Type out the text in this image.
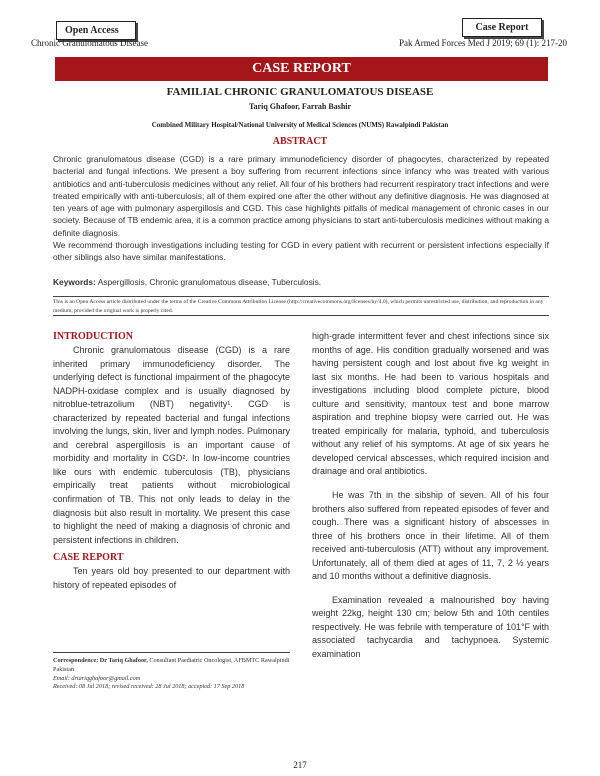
Open Access	Case Report
Chronic Granulomatous Disease	Pak Armed Forces Med J 2019; 69 (1): 217-20
CASE REPORT
FAMILIAL CHRONIC GRANULOMATOUS DISEASE
Tariq Ghafoor, Farrah Bashir
Combined Military Hospital/National University of Medical Sciences (NUMS) Rawalpindi Pakistan
ABSTRACT

Chronic granulomatous disease (CGD) is a rare primary immunodeficiency disorder of phagocytes, characterized by repeated bacterial and fungal infections. We present a boy suffering from recurrent infections since infancy who was treated with various antibiotics and anti-tuberculosis medicines without any relief. All four of his brothers had recurrent respiratory tract infections and were treated empirically with anti-tuberculosis; all of them expired one after the other without any definitive diagnosis. He was diagnosed at ten years of age with pulmonary aspergillosis and CGD. This case highlights pitfalls of medical management of chronic cases in our society. Because of TB endemic area, it is a common practice among physicians to start anti-tuberculosis medicines without making a definite diagnosis.

We recommend thorough investigations including testing for CGD in every patient with recurrent or persistent infections especially if other siblings also have similar manifestations.

Keywords: Aspergillosis, Chronic granulomatous disease, Tuberculosis.
This is an Open Access article distributed under the terms of the Creative Commons Attribution License (http://creativecommons.org/licenses/by/4.0), which permits unrestricted use, distribution, and reproduction in any medium, provided the original work is properly cited.
INTRODUCTION

Chronic granulomatous disease (CGD) is a rare inherited primary immunodeficiency disorder. The underlying defect is functional impairment of the phagocyte NADPH-oxidase complex and is usually diagnosed by nitroblue-tetrazolium (NBT) negativity¹. CGD is characterized by repeated bacterial and fungal infections involving the lungs, skin, liver and lymph nodes. Pulmonary and cerebral aspergillosis is an important cause of morbidity and mortality in CGD². In low-income countries like ours with endemic tuberculosis (TB), physicians empirically treat patients without microbiological confirmation of TB. This not only leads to delay in the diagnosis but also result in mortality. We present this case to highlight the need of making a diagnosis of chronic and persistent infections in children.

CASE REPORT

Ten years old boy presented to our department with history of repeated episodes of

high-grade intermittent fever and chest infections since six months of age. His condition gradually worsened and was having persistent cough and lost about five kg weight in last six months. He had been to various hospitals and investigations including blood complete picture, blood culture and sensitivity, mantoux test and bone marrow aspiration and trephine biopsy were carried out. He was treated empirically for malaria, typhoid, and tuberculosis without any relief of his symptoms. At age of six years he developed cervical abscesses, which required incision and drainage and oral antibiotics.

He was 7th in the sibship of seven. All of his four brothers also suffered from repeated episodes of fever and cough. There was a significant history of abscesses in three of his brothers once in their lifetime. All of them received anti-tuberculosis (ATT) without any improvement. Unfortunately, all of them died at ages of 11, 7, 2 ½ years and 10 months without a definitive diagnosis.

Examination revealed a malnourished boy having weight 22kg, height 130 cm; below 5th and 10th centiles respectively. He was febrile with temperature of 101°F with associated tachycardia and tachypnoea. Systemic examination

Correspondence: Dr Tariq Ghafoor, Consultant Paediatric Oncologist, AFBMTC Rawalpindi Pakistan
Email: drtariqghafoor@gmail.com
Received: 08 Jul 2018; revised received: 28 Jul 2018; accepted: 17 Sep 2018
217
